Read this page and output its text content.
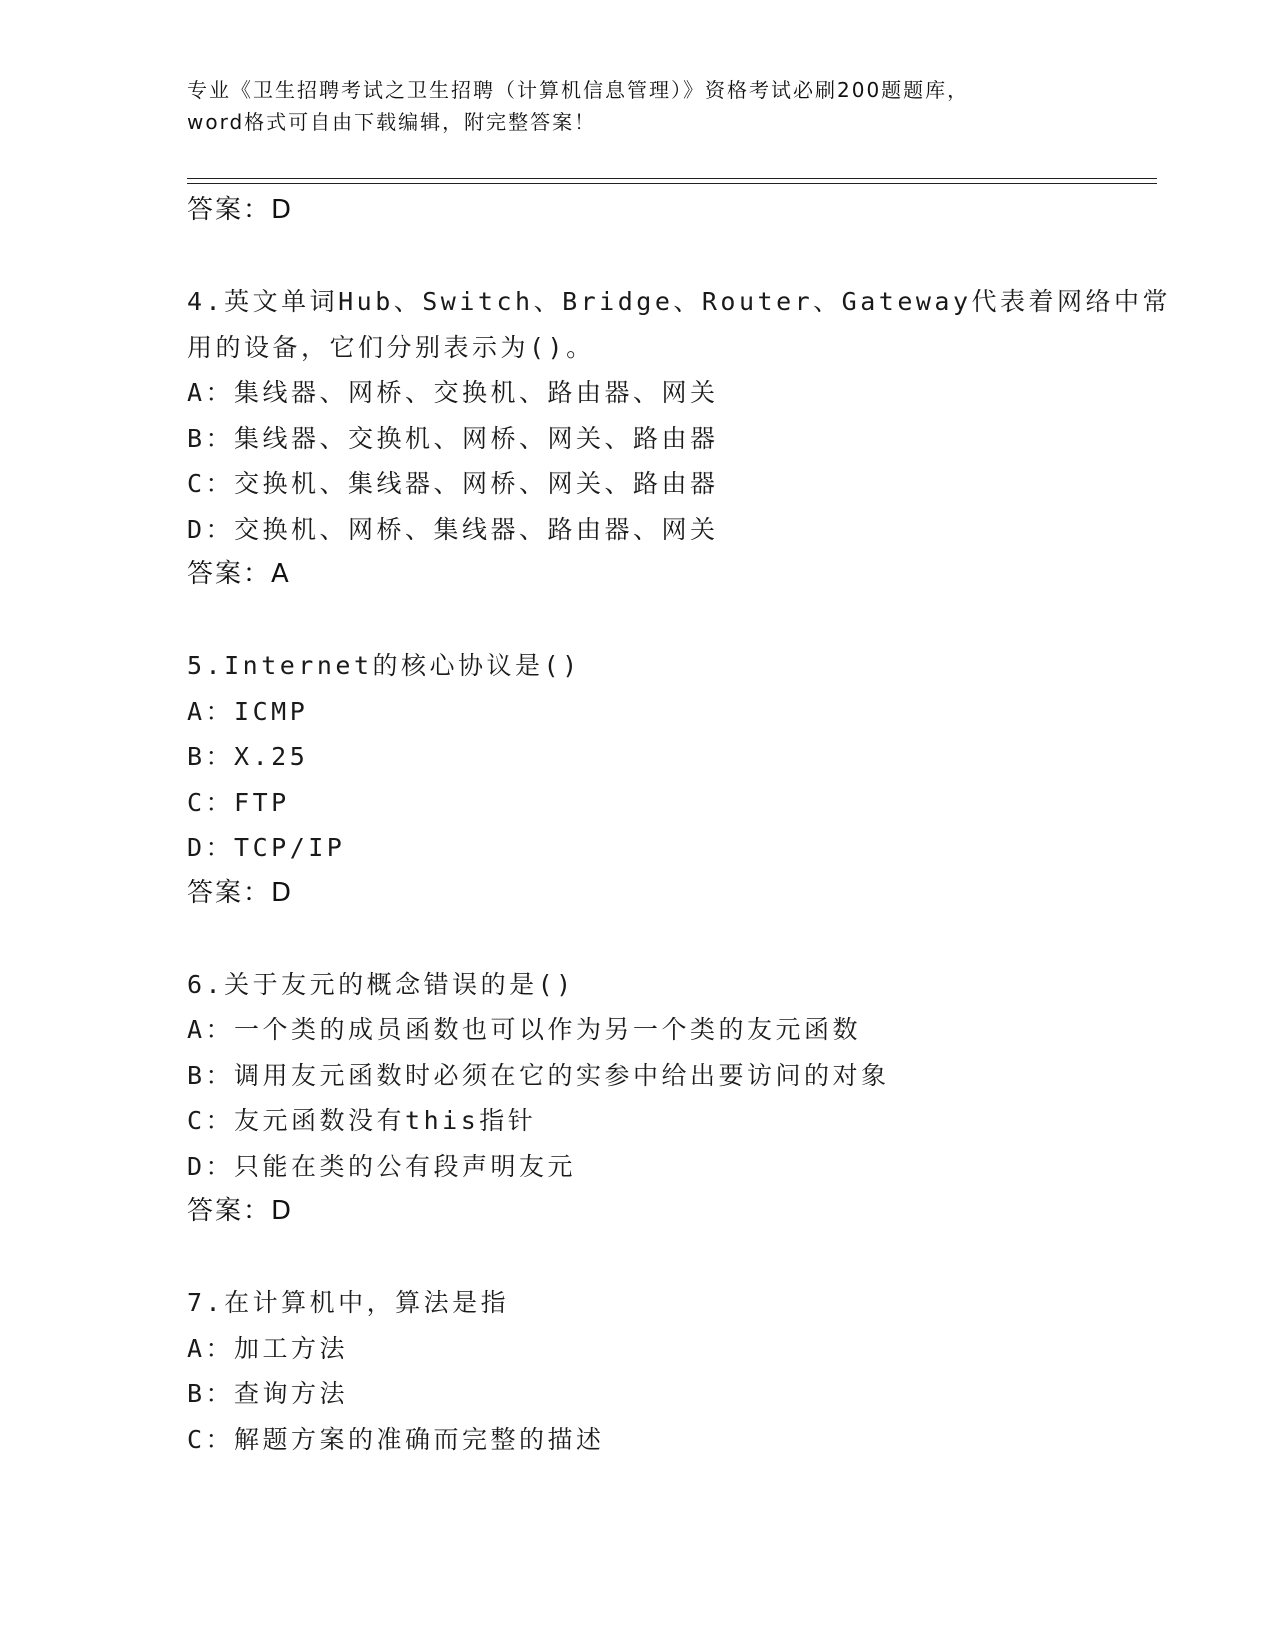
专业《卫生招聘考试之卫生招聘（计算机信息管理）》资格考试必刷200题题库，
word格式可自由下载编辑，附完整答案！
答案：D
4.英文单词Hub、Switch、Bridge、Router、Gateway代表着网络中常
用的设备，它们分别表示为()。
A：集线器、网桥、交换机、路由器、网关
B：集线器、交换机、网桥、网关、路由器
C：交换机、集线器、网桥、网关、路由器
D：交换机、网桥、集线器、路由器、网关
答案：A
5.Internet的核心协议是()
A：ICMP
B：X.25
C：FTP
D：TCP/IP
答案：D
6.关于友元的概念错误的是()
A：一个类的成员函数也可以作为另一个类的友元函数
B：调用友元函数时必须在它的实参中给出要访问的对象
C：友元函数没有this指针
D：只能在类的公有段声明友元
答案：D
7.在计算机中，算法是指
A：加工方法
B：查询方法
C：解题方案的准确而完整的描述
